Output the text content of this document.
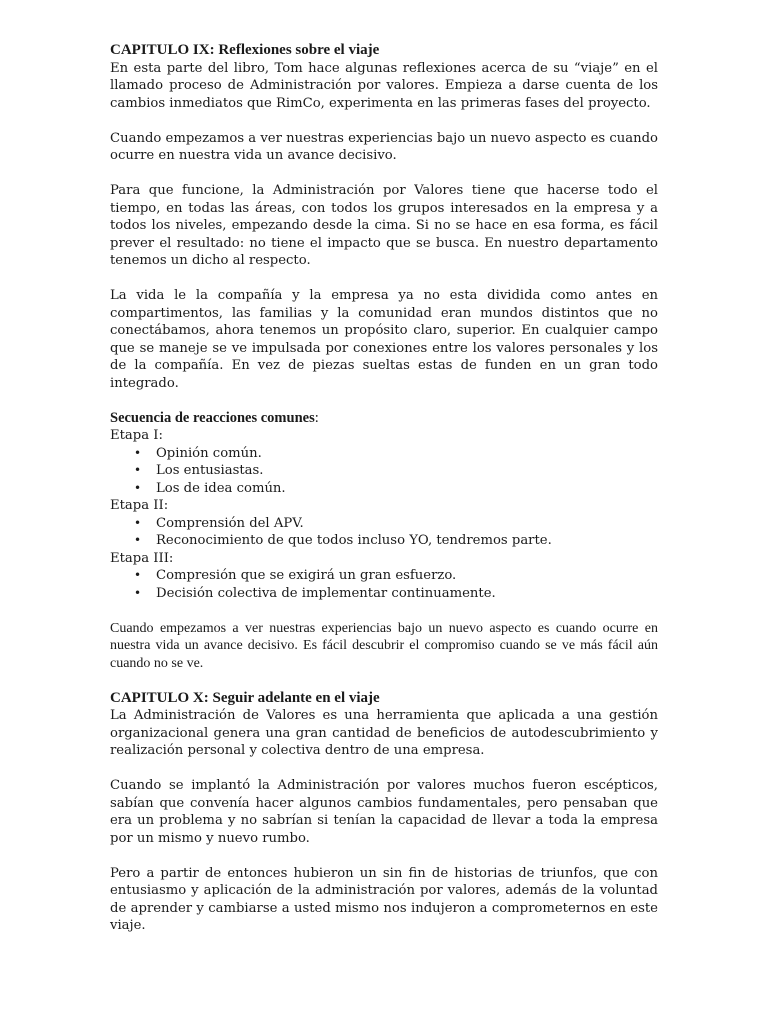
CAPITULO IX: Reflexiones sobre el viaje

En esta parte del libro, Tom hace algunas reflexiones acerca de su “viaje” en el llamado proceso de Administración por valores. Empieza a darse cuenta de los cambios inmediatos que RimCo, experimenta en las primeras fases del proyecto.

Cuando empezamos a ver nuestras experiencias bajo un nuevo aspecto es cuando ocurre en nuestra vida un avance decisivo.

Para que funcione, la Administración por Valores tiene que hacerse todo el tiempo, en todas las áreas, con todos los grupos interesados en la empresa y a todos los niveles, empezando desde la cima. Si no se hace en esa forma, es fácil prever el resultado: no tiene el impacto que se busca. En nuestro departamento tenemos un dicho al respecto.

La vida le la compañía y la empresa ya no esta dividida como antes en compartimentos, las familias y la comunidad eran mundos distintos que no conectábamos, ahora tenemos un propósito claro, superior. En cualquier campo que se maneje se ve impulsada por conexiones entre los valores personales y los de la compañía. En vez de piezas sueltas estas de funden en un gran todo integrado.

Secuencia de reacciones comunes:

Etapa I:

• Opinión común.
• Los entusiastas.
• Los de idea común.

Etapa II:

• Comprensión del APV.
• Reconocimiento de que todos incluso YO, tendremos parte.

Etapa III:

• Compresión que se exigirá un gran esfuerzo.
• Decisión colectiva de implementar continuamente.

Cuando empezamos a ver nuestras experiencias bajo un nuevo aspecto es cuando ocurre en nuestra vida un avance decisivo. Es fácil descubrir el compromiso cuando se ve más fácil aún cuando no se ve.

CAPITULO X: Seguir adelante en el viaje

La Administración de Valores es una herramienta que aplicada a una gestión organizacional genera una gran cantidad de beneficios de autodescubrimiento y realización personal y colectiva dentro de una empresa.

Cuando se implantó la Administración por valores muchos fueron escépticos, sabían que convenía hacer algunos cambios fundamentales, pero pensaban que era un problema y no sabrían si tenían la capacidad de llevar a toda la empresa por un mismo y nuevo rumbo.

Pero a partir de entonces hubieron un sin fin de historias de triunfos, que con entusiasmo y aplicación de la administración por valores, además de la voluntad de aprender y cambiarse a usted mismo nos indujeron a comprometernos en este viaje.
